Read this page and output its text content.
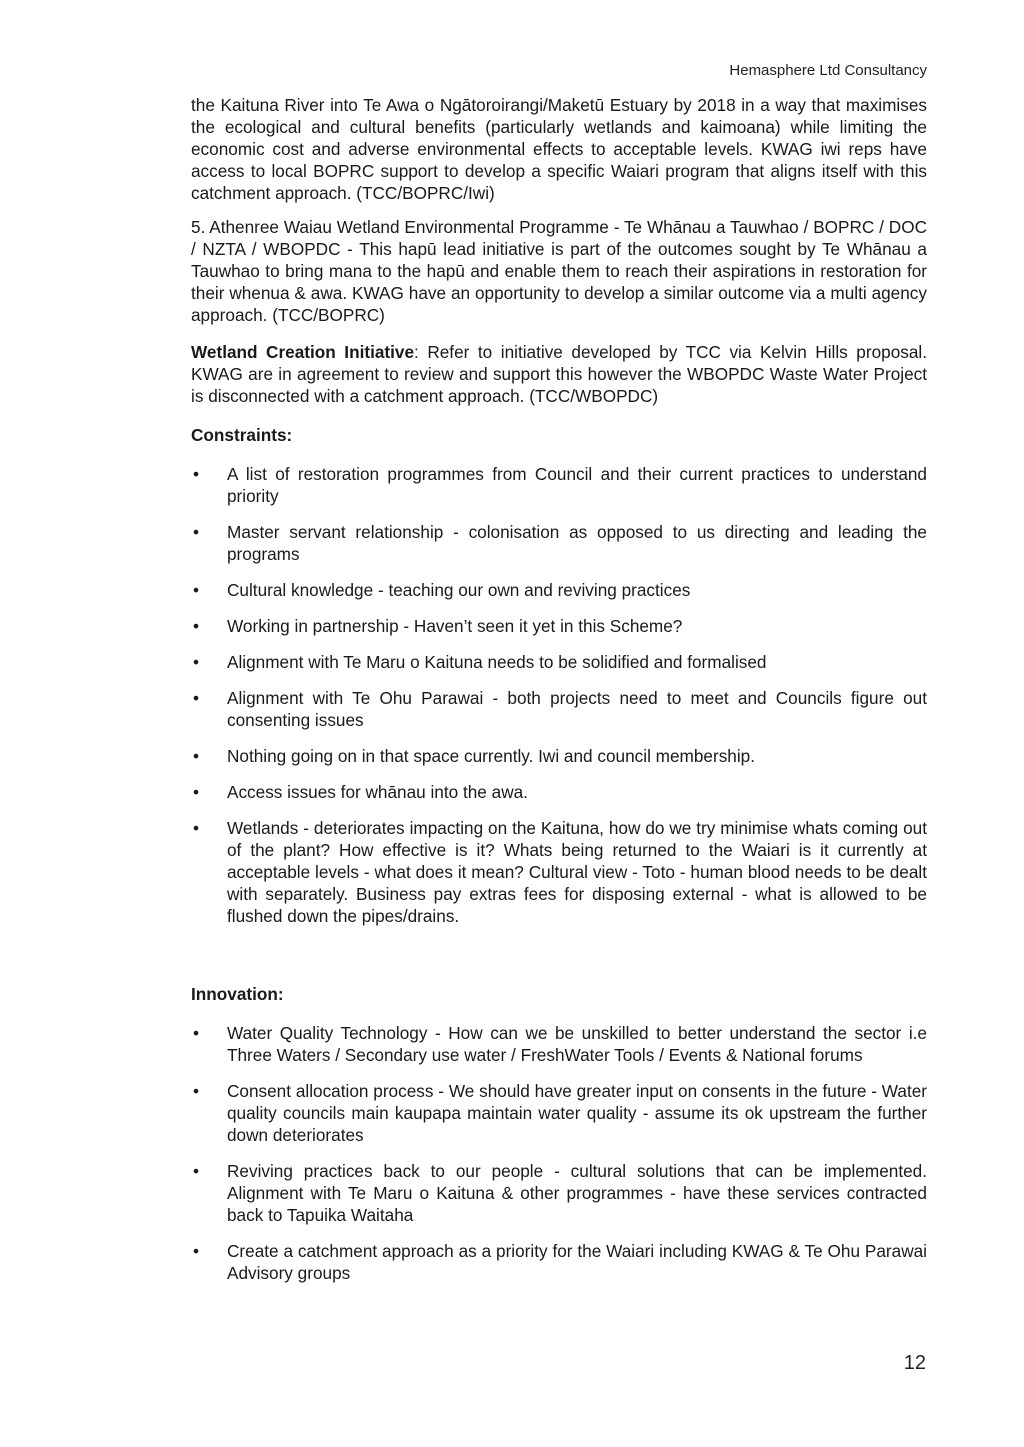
Hemasphere Ltd Consultancy

the Kaituna River into Te Awa o Ngātoroirangi/Maketū Estuary by 2018 in a way that maximises the ecological and cultural benefits (particularly wetlands and kaimoana) while limiting the economic cost and adverse environmental effects to acceptable levels. KWAG iwi reps have access to local BOPRC support to develop a specific Waiari program that aligns itself with this catchment approach. (TCC/BOPRC/Iwi)

5. Athenree Waiau Wetland Environmental Programme - Te Whānau a Tauwhao / BOPRC / DOC / NZTA / WBOPDC - This hapū lead initiative is part of the outcomes sought by Te Whānau a Tauwhao to bring mana to the hapū and enable them to reach their aspirations in restoration for their whenua & awa. KWAG have an opportunity to develop a similar outcome via a multi agency approach. (TCC/BOPRC)

Wetland Creation Initiative: Refer to initiative developed by TCC via Kelvin Hills proposal. KWAG are in agreement to review and support this however the WBOPDC Waste Water Project is disconnected with a catchment approach. (TCC/WBOPDC)

Constraints:
• A list of restoration programmes from Council and their current practices to understand priority
• Master servant relationship - colonisation as opposed to us directing and leading the programs
• Cultural knowledge - teaching our own and reviving practices
• Working in partnership - Haven’t seen it yet in this Scheme?
• Alignment with Te Maru o Kaituna needs to be solidified and formalised
• Alignment with Te Ohu Parawai - both projects need to meet and Councils figure out consenting issues
• Nothing going on in that space currently. Iwi and council membership.
• Access issues for whānau into the awa.
• Wetlands - deteriorates impacting on the Kaituna, how do we try minimise whats coming out of the plant? How effective is it? Whats being returned to the Waiari is it currently at acceptable levels - what does it mean? Cultural view - Toto - human blood needs to be dealt with separately. Business pay extras fees for disposing external - what is allowed to be flushed down the pipes/drains.
Innovation:
• Water Quality Technology - How can we be unskilled to better understand the sector i.e Three Waters / Secondary use water / FreshWater Tools / Events & National forums
• Consent allocation process - We should have greater input on consents in the future - Water quality councils main kaupapa maintain water quality - assume its ok upstream the further down deteriorates
• Reviving practices back to our people - cultural solutions that can be implemented. Alignment with Te Maru o Kaituna & other programmes - have these services contracted back to Tapuika Waitaha
• Create a catchment approach as a priority for the Waiari including KWAG & Te Ohu Parawai Advisory groups
12
